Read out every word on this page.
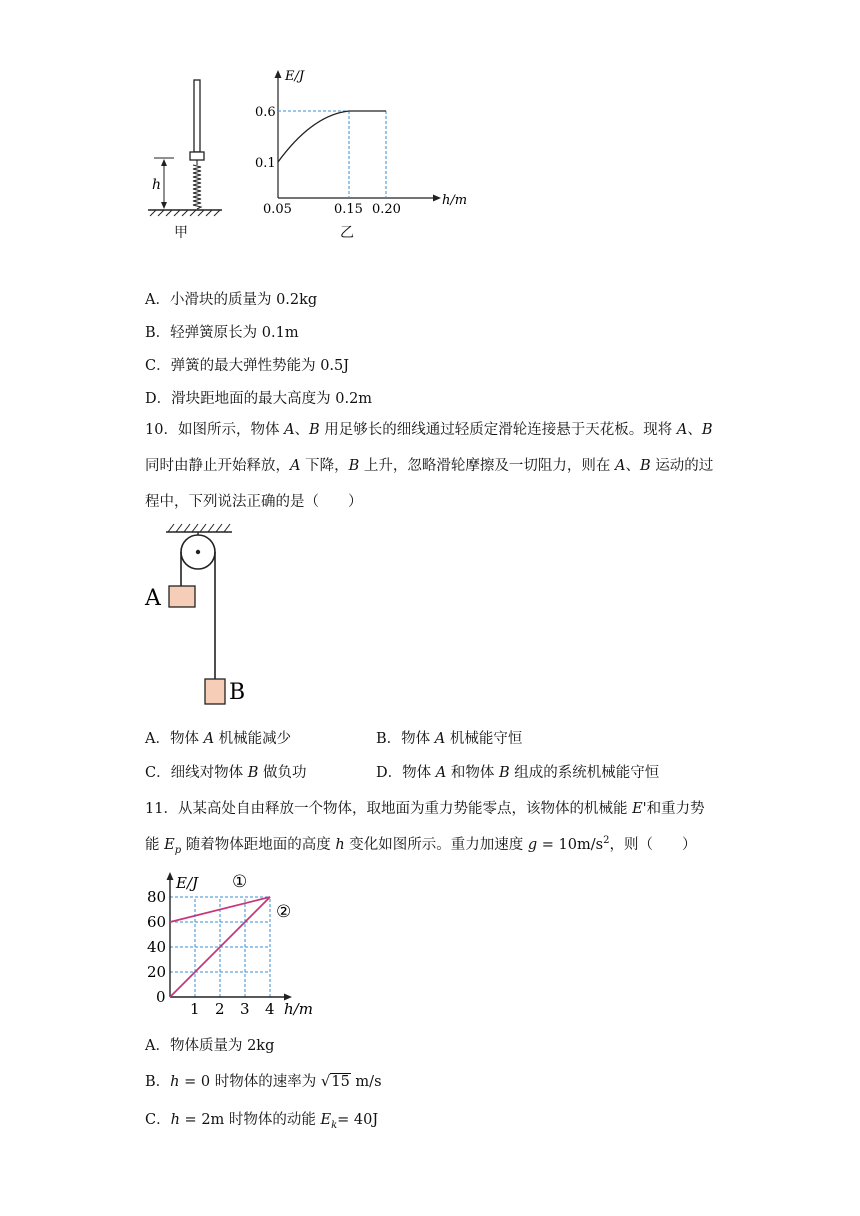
h
甲
E/J
h/m
0.6
0.1
0.05	0.15 0.20
乙
A．小滑块的质量为 0.2kg
B．轻弹簧原长为 0.1m
C．弹簧的最大弹性势能为 0.5J
D．滑块距地面的最大高度为 0.2m
10．如图所示，物体 A、B 用足够长的细线通过轻质定滑轮连接悬于天花板。现将 A、B 同时由静止开始释放，A 下降，B 上升，忽略滑轮摩擦及一切阻力，则在 A、B 运动的过程中，下列说法正确的是（　　）
A
B
A．物体 A 机械能减少	B．物体 A 机械能守恒
C．细线对物体 B 做负功	D．物体 A 和物体 B 组成的系统机械能守恒
11．从某高处自由释放一个物体，取地面为重力势能零点，该物体的机械能 E'和重力势
能 $E_p$ 随着物体距地面的高度 h 变化如图所示。重力加速度 $g = 10m/s^2$，则（　　）
E/J
h/m
①
②
80
60
40
20
0
1 2 3 4
A．物体质量为 2kg
B．h = 0 时物体的速率为 √15 m/s
C．h = 2m 时物体的动能 $E_k= 40J$
